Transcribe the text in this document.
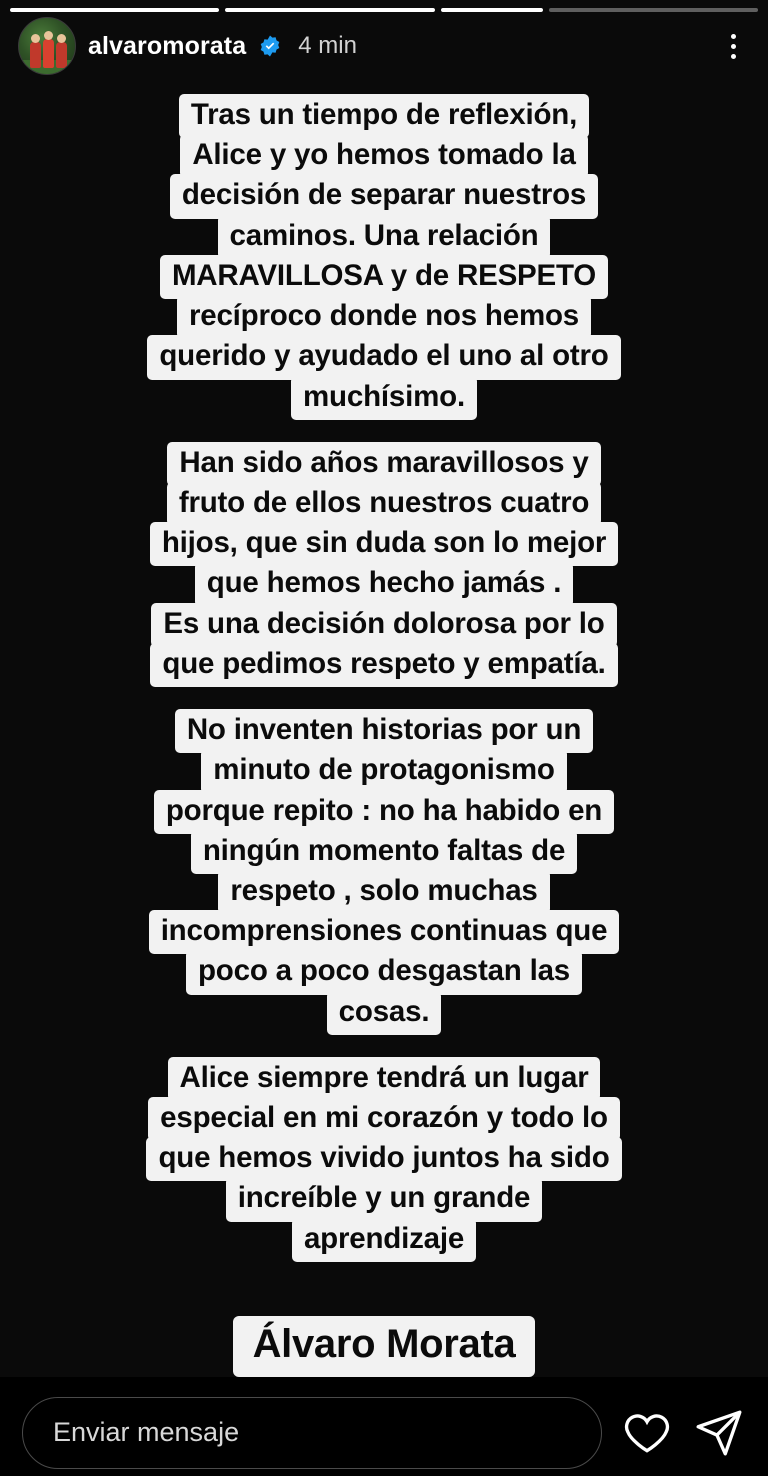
alvaromorata 4 min
Tras un tiempo de reflexión,
Alice y yo hemos tomado la
decisión de separar nuestros
caminos. Una relación
MARAVILLOSA y de RESPETO
recíproco donde nos hemos
querido y ayudado el uno al otro
muchísimo.
Han sido años maravillosos y
fruto de ellos nuestros cuatro
hijos, que sin duda son lo mejor
que hemos hecho jamás .
Es una decisión dolorosa por lo
que pedimos respeto y empatía.
No inventen historias por un
minuto de protagonismo
porque repito : no ha habido en
ningún momento faltas de
respeto , solo muchas
incomprensiones continuas que
poco a poco desgastan las
cosas.
Alice siempre tendrá un lugar
especial en mi corazón y todo lo
que hemos vivido juntos ha sido
increíble y un grande
aprendizaje
Álvaro Morata
Enviar mensaje
